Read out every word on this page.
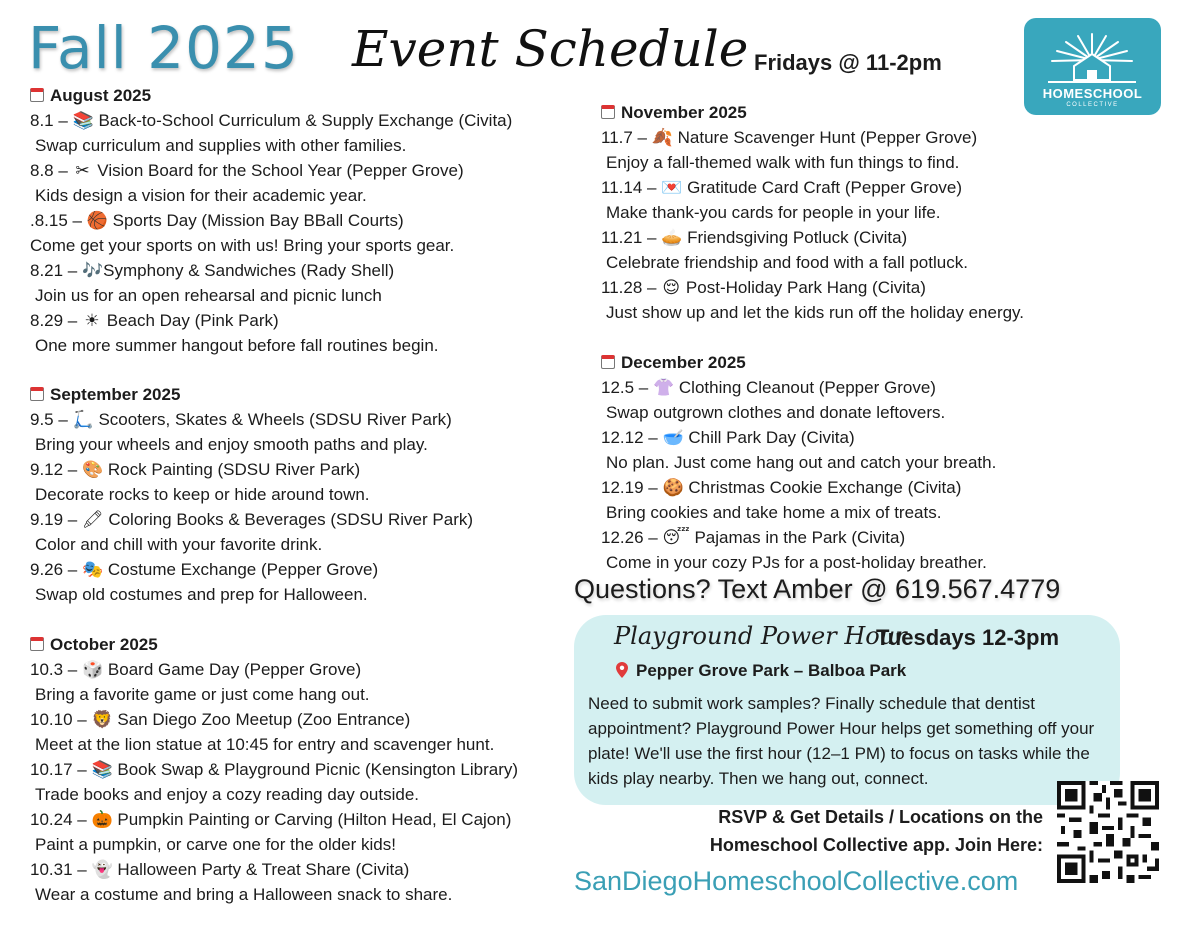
Fall 2025 Event Schedule Fridays @ 11-2pm
HOMESCHOOL
COLLECTIVE
August 2025
8.1 – 📚 Back-to-School Curriculum & Supply Exchange (Civita)
Swap curriculum and supplies with other families.
8.8 – ✂ Vision Board for the School Year (Pepper Grove)
Kids design a vision for their academic year.
.8.15 – 🏀 Sports Day (Mission Bay BBall Courts)
Come get your sports on with us! Bring your sports gear.
8.21 – 🎶Symphony & Sandwiches (Rady Shell)
Join us for an open rehearsal and picnic lunch
8.29 – ☀ Beach Day (Pink Park)
One more summer hangout before fall routines begin.
September 2025
9.5 – 🛴 Scooters, Skates & Wheels (SDSU River Park)
Bring your wheels and enjoy smooth paths and play.
9.12 – 🎨 Rock Painting (SDSU River Park)
Decorate rocks to keep or hide around town.
9.19 – 🖍 Coloring Books & Beverages (SDSU River Park)
Color and chill with your favorite drink.
9.26 – 🎭 Costume Exchange (Pepper Grove)
Swap old costumes and prep for Halloween.
October 2025
10.3 – 🎲 Board Game Day (Pepper Grove)
Bring a favorite game or just come hang out.
10.10 – 🦁 San Diego Zoo Meetup (Zoo Entrance)
Meet at the lion statue at 10:45 for entry and scavenger hunt.
10.17 – 📚 Book Swap & Playground Picnic (Kensington Library)
Trade books and enjoy a cozy reading day outside.
10.24 – 🎃 Pumpkin Painting or Carving (Hilton Head, El Cajon)
Paint a pumpkin, or carve one for the older kids!
10.31 – 👻 Halloween Party & Treat Share (Civita)
Wear a costume and bring a Halloween snack to share.
November 2025
11.7 – 🍂 Nature Scavenger Hunt (Pepper Grove)
Enjoy a fall-themed walk with fun things to find.
11.14 – 💌 Gratitude Card Craft (Pepper Grove)
Make thank-you cards for people in your life.
11.21 – 🥧 Friendsgiving Potluck (Civita)
Celebrate friendship and food with a fall potluck.
11.28 – 😌 Post-Holiday Park Hang (Civita)
Just show up and let the kids run off the holiday energy.
December 2025
12.5 – 👚 Clothing Cleanout (Pepper Grove)
Swap outgrown clothes and donate leftovers.
12.12 – 🥣 Chill Park Day (Civita)
No plan. Just come hang out and catch your breath.
12.19 – 🍪 Christmas Cookie Exchange (Civita)
Bring cookies and take home a mix of treats.
12.26 – 😴 Pajamas in the Park (Civita)
Come in your cozy PJs for a post-holiday breather.
Questions? Text Amber @ 619.567.4779
Playground Power Hour
Tuesdays 12-3pm
Pepper Grove Park – Balboa Park
Need to submit work samples? Finally schedule that dentist appointment? Playground Power Hour helps get something off your plate! We'll use the first hour (12–1 PM) to focus on tasks while the kids play nearby. Then we hang out, connect.
RSVP & Get Details / Locations on the
Homeschool Collective app. Join Here:
SanDiegoHomeschoolCollective.com
